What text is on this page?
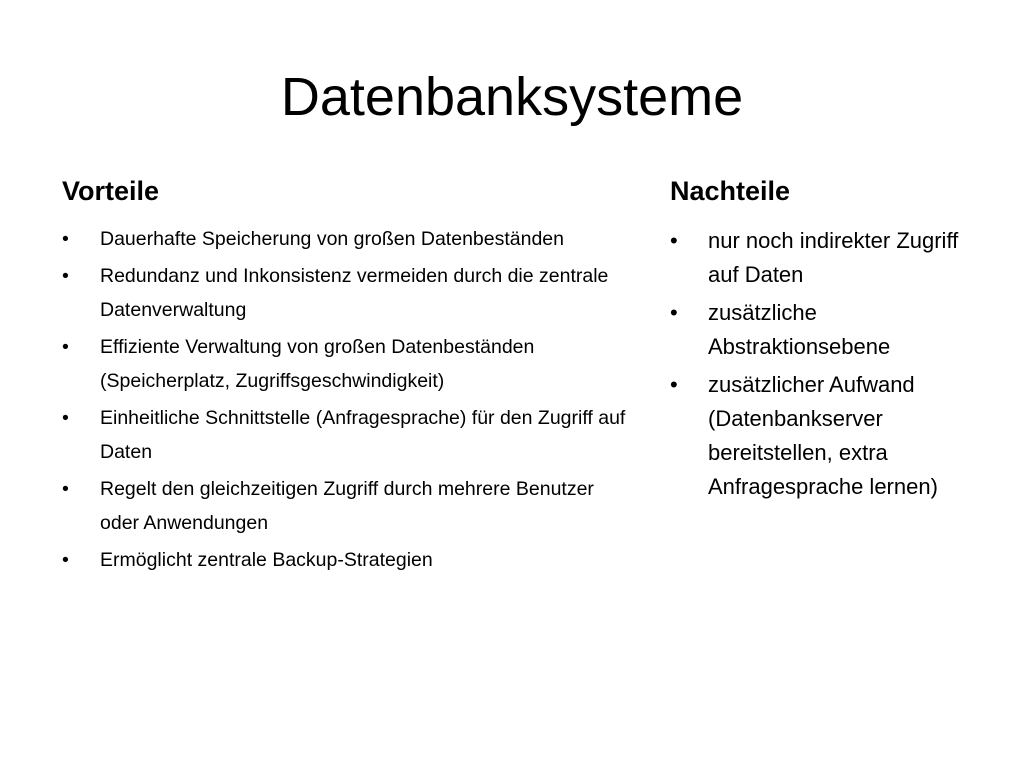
Datenbanksysteme
Vorteile
• Dauerhafte Speicherung von großen Datenbeständen
• Redundanz und Inkonsistenz vermeiden durch die zentrale Datenverwaltung
• Effiziente Verwaltung von großen Datenbeständen (Speicherplatz, Zugriffsgeschwindigkeit)
• Einheitliche Schnittstelle (Anfragesprache) für den Zugriff auf Daten
• Regelt den gleichzeitigen Zugriff durch mehrere Benutzer oder Anwendungen
• Ermöglicht zentrale Backup-Strategien
Nachteile
• nur noch indirekter Zugriff auf Daten
• zusätzliche Abstraktionsebene
• zusätzlicher Aufwand (Datenbankserver bereitstellen, extra Anfragesprache lernen)
